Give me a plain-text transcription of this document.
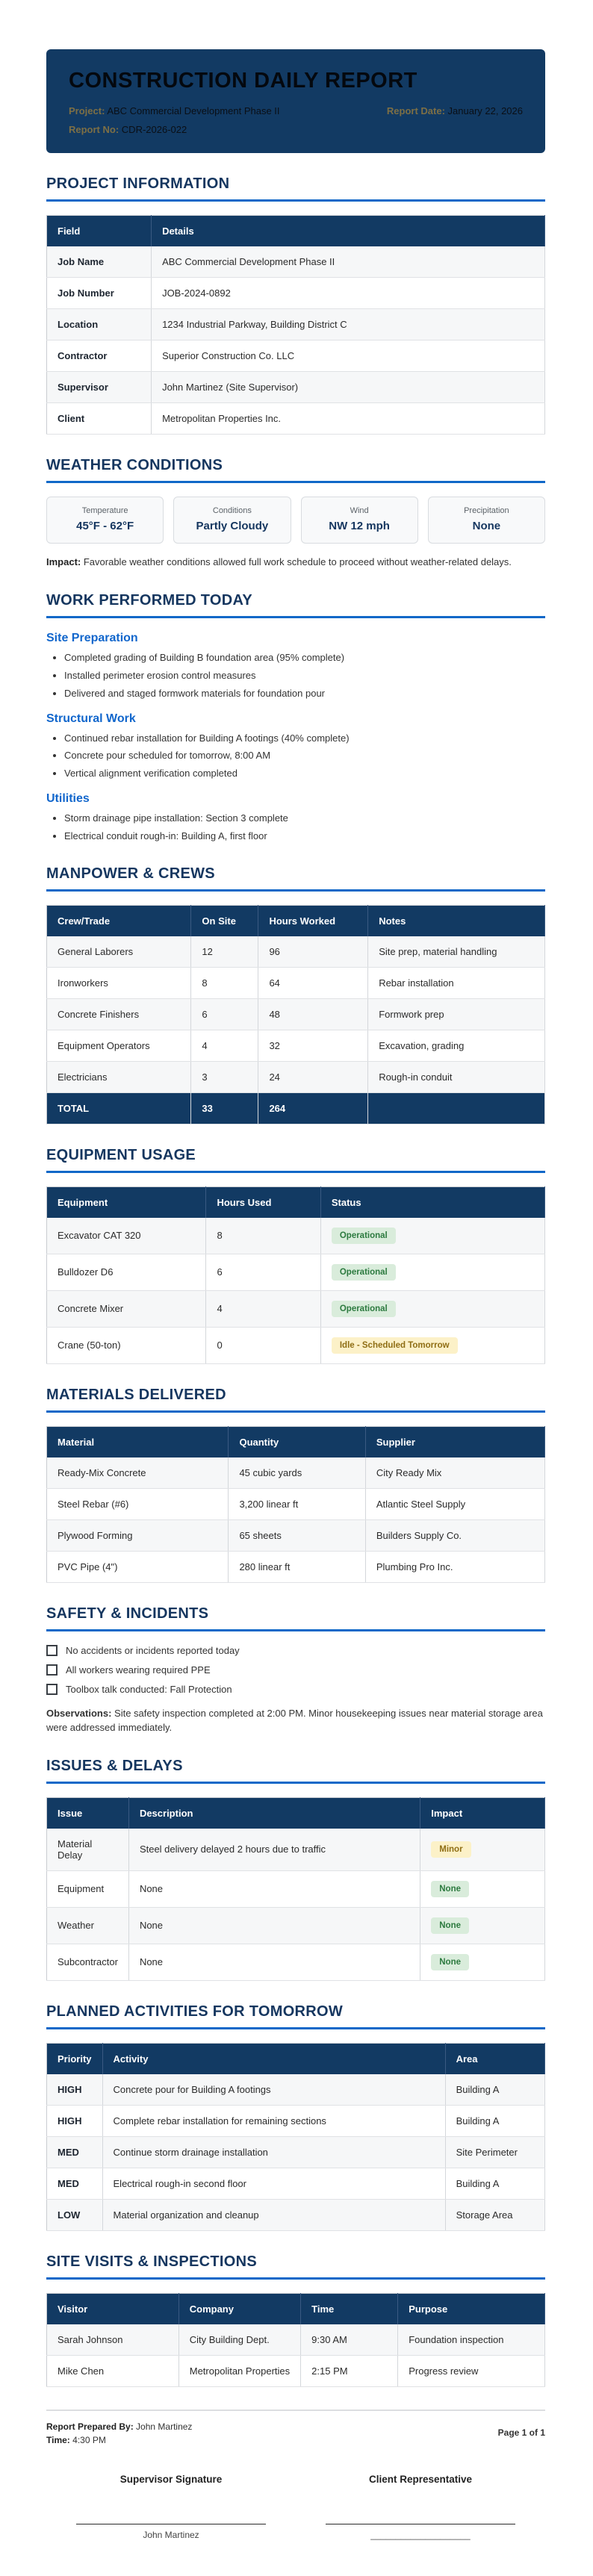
CONSTRUCTION DAILY REPORT
Project: ABC Commercial Development Phase II	Report Date: January 22, 2026
Report No: CDR-2026-022
PROJECT INFORMATION
Field	Details
Job Name	ABC Commercial Development Phase II
Job Number	JOB-2024-0892
Location	1234 Industrial Parkway, Building District C
Contractor	Superior Construction Co. LLC
Supervisor	John Martinez (Site Supervisor)
Client	Metropolitan Properties Inc.
WEATHER CONDITIONS
Temperature
45°F - 62°F
Conditions
Partly Cloudy
Wind
NW 12 mph
Precipitation
None
Impact: Favorable weather conditions allowed full work schedule to proceed without weather-related delays.
WORK PERFORMED TODAY
Site Preparation
• Completed grading of Building B foundation area (95% complete)
• Installed perimeter erosion control measures
• Delivered and staged formwork materials for foundation pour
Structural Work
• Continued rebar installation for Building A footings (40% complete)
• Concrete pour scheduled for tomorrow, 8:00 AM
• Vertical alignment verification completed
Utilities
• Storm drainage pipe installation: Section 3 complete
• Electrical conduit rough-in: Building A, first floor
MANPOWER & CREWS
Crew/Trade	On Site	Hours Worked	Notes
General Laborers	12	96	Site prep, material handling
Ironworkers	8	64	Rebar installation
Concrete Finishers	6	48	Formwork prep
Equipment Operators	4	32	Excavation, grading
Electricians	3	24	Rough-in conduit
TOTAL	33	264	
EQUIPMENT USAGE
Equipment	Hours Used	Status
Excavator CAT 320	8	Operational
Bulldozer D6	6	Operational
Concrete Mixer	4	Operational
Crane (50-ton)	0	Idle - Scheduled Tomorrow
MATERIALS DELIVERED
Material	Quantity	Supplier
Ready-Mix Concrete	45 cubic yards	City Ready Mix
Steel Rebar (#6)	3,200 linear ft	Atlantic Steel Supply
Plywood Forming	65 sheets	Builders Supply Co.
PVC Pipe (4")	280 linear ft	Plumbing Pro Inc.
SAFETY & INCIDENTS
No accidents or incidents reported today
All workers wearing required PPE
Toolbox talk conducted: Fall Protection
Observations: Site safety inspection completed at 2:00 PM. Minor housekeeping issues near material storage area were addressed immediately.
ISSUES & DELAYS
Issue	Description	Impact
Material Delay	Steel delivery delayed 2 hours due to traffic	Minor
Equipment	None	None
Weather	None	None
Subcontractor	None	None
PLANNED ACTIVITIES FOR TOMORROW
Priority	Activity	Area
HIGH	Concrete pour for Building A footings	Building A
HIGH	Complete rebar installation for remaining sections	Building A
MED	Continue storm drainage installation	Site Perimeter
MED	Electrical rough-in second floor	Building A
LOW	Material organization and cleanup	Storage Area
SITE VISITS & INSPECTIONS
Visitor	Company	Time	Purpose
Sarah Johnson	City Building Dept.	9:30 AM	Foundation inspection
Mike Chen	Metropolitan Properties	2:15 PM	Progress review
Report Prepared By: John Martinez
Time: 4:30 PM
Page 1 of 1
Supervisor Signature
John Martinez
Client Representative
____________________
